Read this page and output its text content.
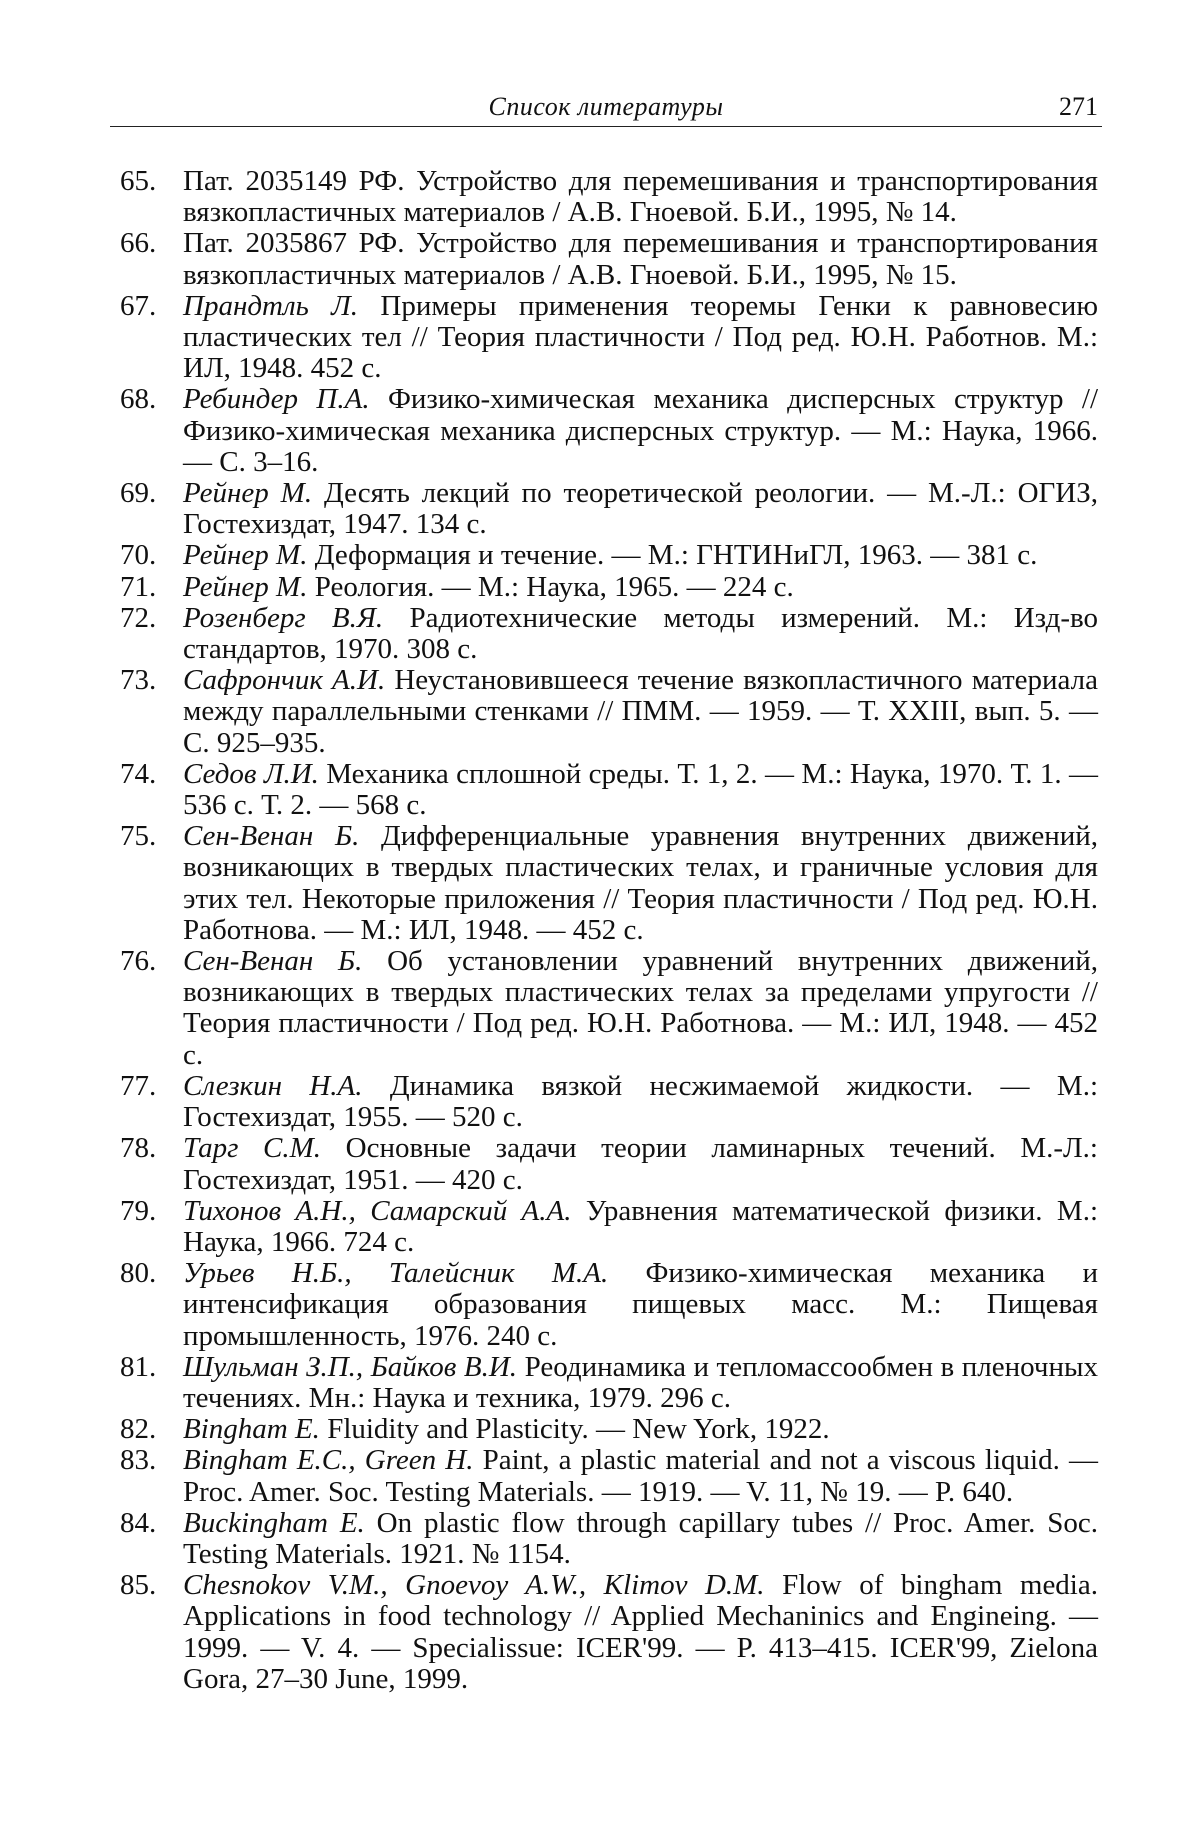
Список литературы	271
65. Пат. 2035149 РФ. Устройство для перемешивания и транспортирования вязкопластичных материалов / А.В. Гноевой. Б.И., 1995, № 14.
66. Пат. 2035867 РФ. Устройство для перемешивания и транспортирования вязкопластичных материалов / А.В. Гноевой. Б.И., 1995, № 15.
67. Прандтль Л. Примеры применения теоремы Генки к равновесию пластических тел // Теория пластичности / Под ред. Ю.Н. Работнов. М.: ИЛ, 1948. 452 с.
68. Ребиндер П.А. Физико-химическая механика дисперсных структур // Физико-химическая механика дисперсных структур. — М.: Наука, 1966. — С. 3–16.
69. Рейнер М. Десять лекций по теоретической реологии. — М.-Л.: ОГИЗ, Гостехиздат, 1947. 134 с.
70. Рейнер М. Деформация и течение. — М.: ГНТИНиГЛ, 1963. — 381 с.
71. Рейнер М. Реология. — М.: Наука, 1965. — 224 с.
72. Розенберг В.Я. Радиотехнические методы измерений. М.: Изд-во стандартов, 1970. 308 с.
73. Сафрончик А.И. Неустановившееся течение вязкопластичного материала между параллельными стенками // ПММ. — 1959. — Т. XXIII, вып. 5. — С. 925–935.
74. Седов Л.И. Механика сплошной среды. Т. 1, 2. — М.: Наука, 1970. Т. 1. — 536 с. Т. 2. — 568 с.
75. Сен-Венан Б. Дифференциальные уравнения внутренних движений, возникающих в твердых пластических телах, и граничные условия для этих тел. Некоторые приложения // Теория пластичности / Под ред. Ю.Н. Работнова. — М.: ИЛ, 1948. — 452 с.
76. Сен-Венан Б. Об установлении уравнений внутренних движений, возникающих в твердых пластических телах за пределами упругости // Теория пластичности / Под ред. Ю.Н. Работнова. — М.: ИЛ, 1948. — 452 с.
77. Слезкин Н.А. Динамика вязкой несжимаемой жидкости. — М.: Гостехиздат, 1955. — 520 с.
78. Тарг С.М. Основные задачи теории ламинарных течений. М.-Л.: Гостехиздат, 1951. — 420 с.
79. Тихонов А.Н., Самарский А.А. Уравнения математической физики. М.: Наука, 1966. 724 с.
80. Урьев Н.Б., Талейсник М.А. Физико-химическая механика и интенсификация образования пищевых масс. М.: Пищевая промышленность, 1976. 240 с.
81. Шульман З.П., Байков В.И. Реодинамика и тепломассообмен в пленочных течениях. Мн.: Наука и техника, 1979. 296 с.
82. Bingham E. Fluidity and Plasticity. — New York, 1922.
83. Bingham E.C., Green H. Paint, a plastic material and not a viscous liquid. — Proc. Amer. Soc. Testing Materials. — 1919. — V. 11, № 19. — P. 640.
84. Buckingham E. On plastic flow through capillary tubes // Proc. Amer. Soc. Testing Materials. 1921. № 1154.
85. Chesnokov V.M., Gnoevoy A.W., Klimov D.M. Flow of bingham media. Applications in food technology // Applied Mechaninics and Engineing. — 1999. — V. 4. — Specialissue: ICER'99. — P. 413–415. ICER'99, Zielona Gora, 27–30 June, 1999.
